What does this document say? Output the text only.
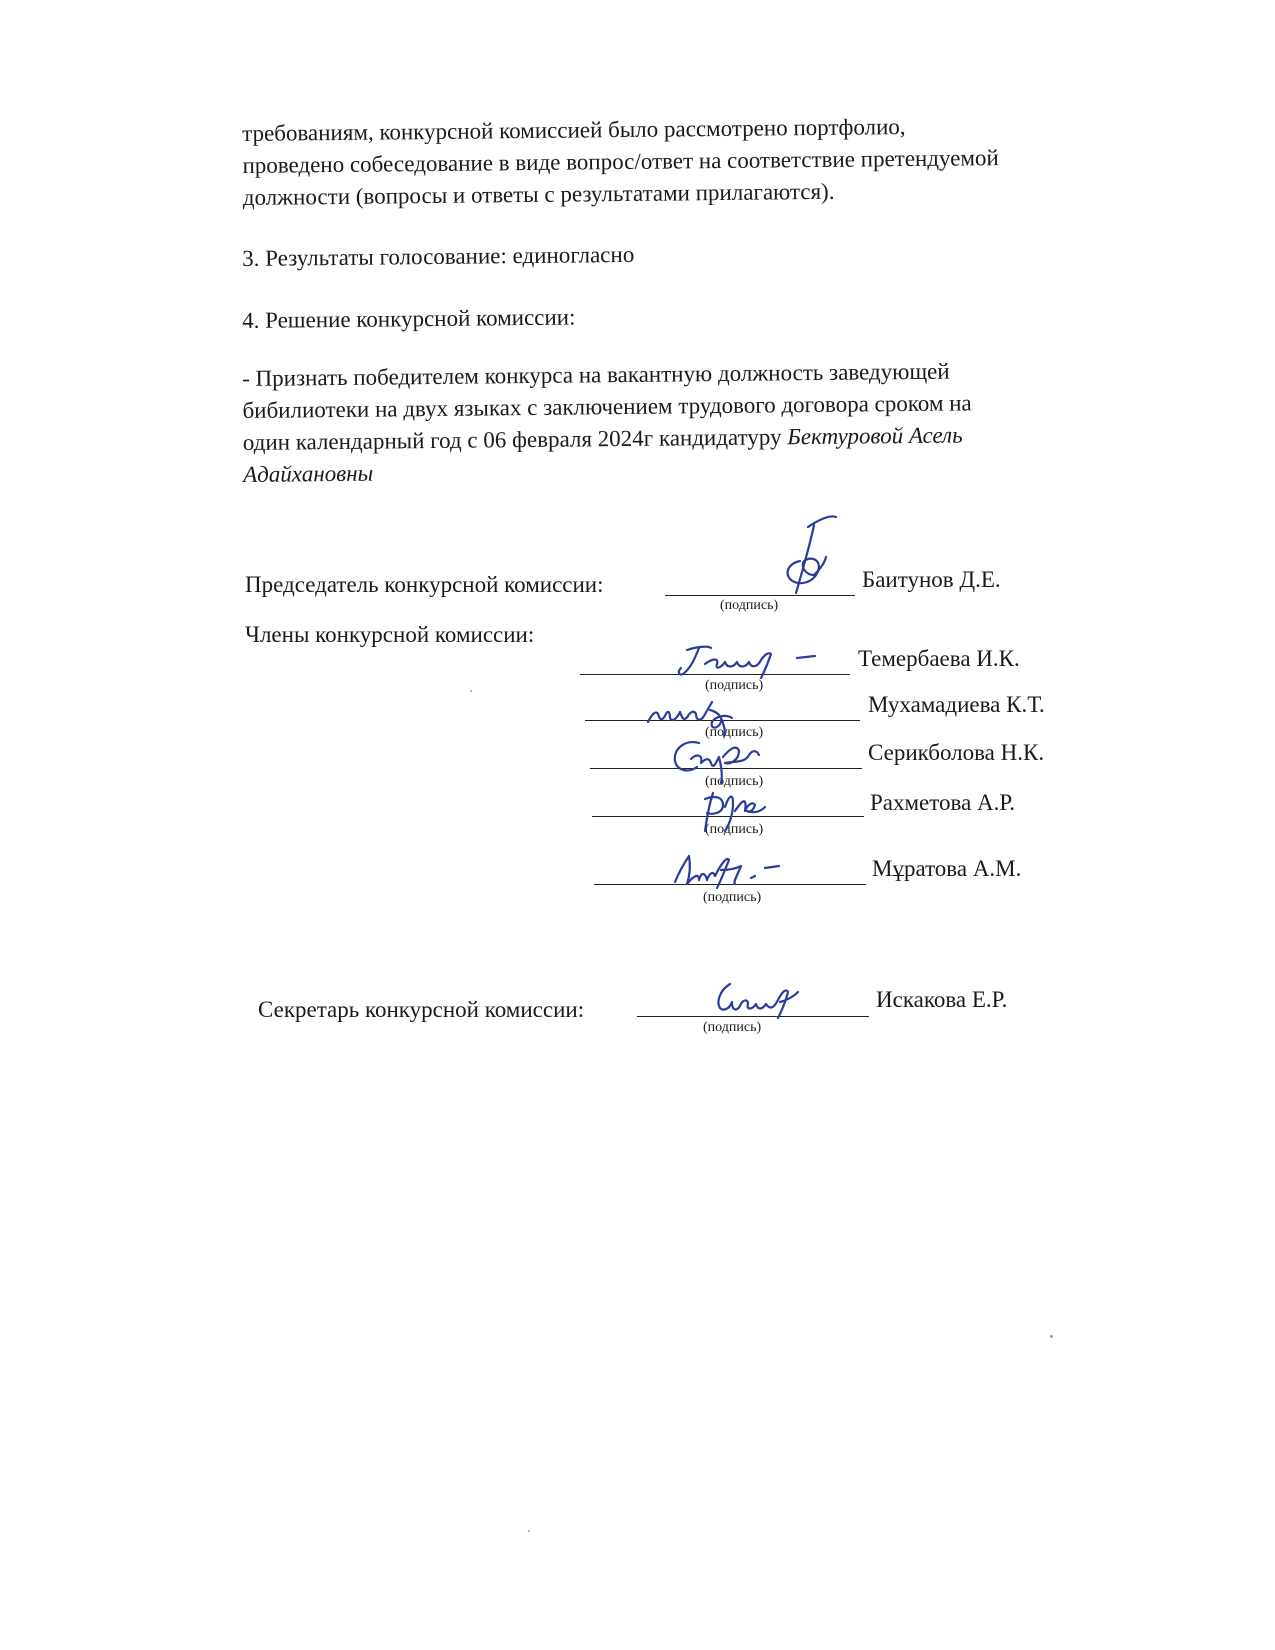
требованиям, конкурсной комиссией было рассмотрено портфолио,
проведено собеседование в виде вопрос/ответ на соответствие претендуемой
должности (вопросы и ответы с результатами прилагаются).

3. Результаты голосование: единогласно

4. Решение конкурсной комиссии:

- Признать победителем конкурса на вакантную должность заведующей
бибилиотеки на двух языках с заключением трудового договора сроком на
один календарный год с 06 февраля 2024г кандидатуру Бектуровой Асель
Адайхановны

Председатель конкурсной комиссии:
(подпись)
Баитунов Д.Е.
Члены конкурсной комиссии:
(подпись)
Темербаева И.К.
(подпись)
Мухамадиева К.Т.
(подпись)
Серикболова Н.К.
(подпись)
Рахметова А.Р.
(подпись)
Мұратова А.М.
Секретарь конкурсной комиссии:
(подпись)
Искакова Е.Р.
